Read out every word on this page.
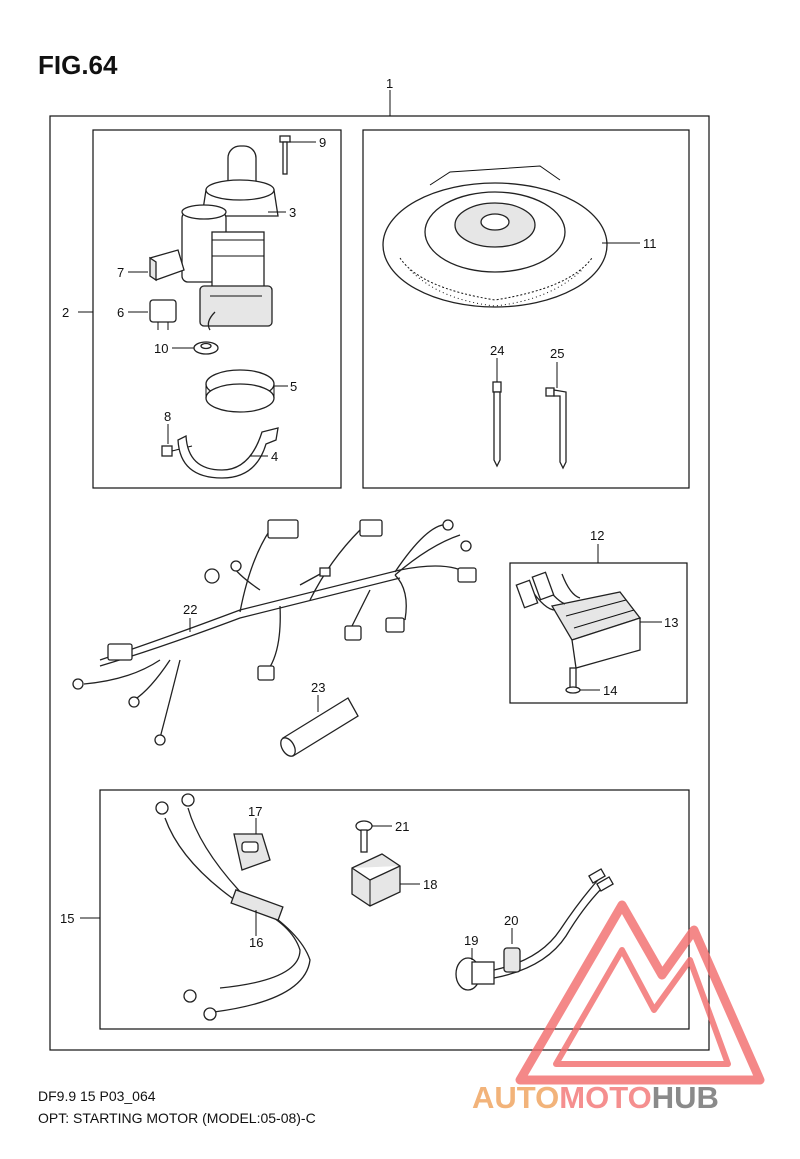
FIG.64
1
2
3
4
5
6
7
8
9
10
11
12
13
14
15
16
17
18
19
20
21
22
23
24	25
AUTOMOTOHUB
DF9.9 15 P03_064
OPT: STARTING MOTOR (MODEL:05-08)-C
